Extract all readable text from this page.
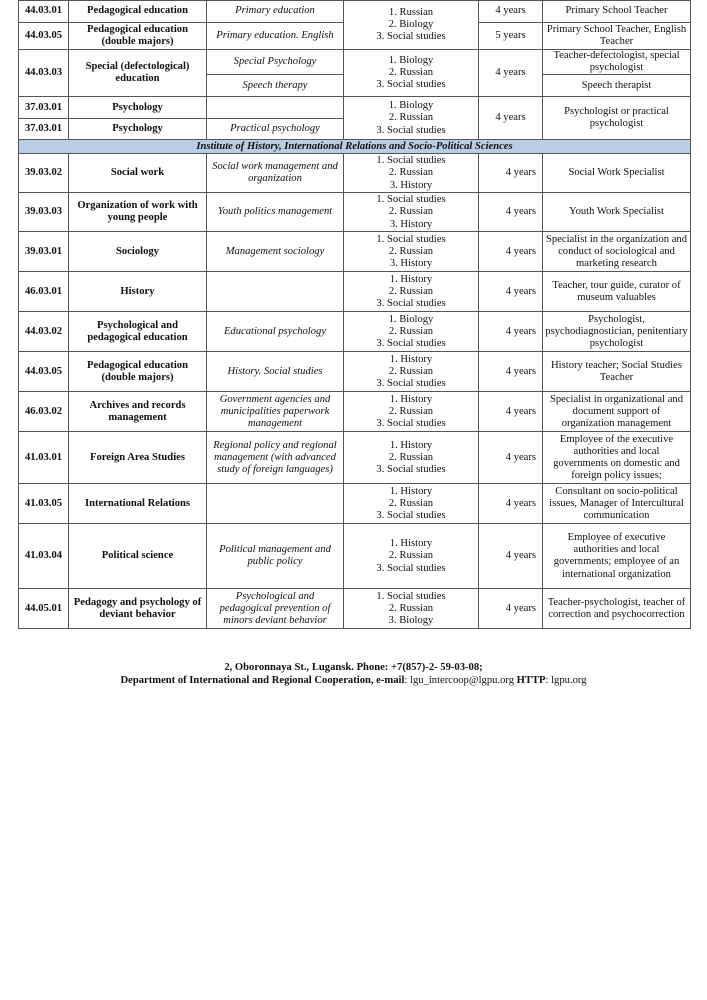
44.03.01	Pedagogical education	Primary education	1. Russian
2. Biology
3. Social studies	4 years	Primary School Teacher
44.03.05	Pedagogical education (double majors)	Primary education. English		5 years	Primary School Teacher, English Teacher
44.03.03	Special (defectological) education	Special Psychology	1. Biology
2. Russian
3. Social studies	4 years	Teacher-defectologist, special psychologist
		Speech therapy			Speech therapist
37.03.01	Psychology		1. Biology
2. Russian
3. Social studies	4 years	Psychologist or practical psychologist
37.03.01	Psychology	Practical psychology			
Institute of History, International Relations and Socio-Political Sciences					
39.03.02	Social work	Social work management and organization	1. Social studies
2. Russian
3. History	4 years	Social Work Specialist
39.03.03	Organization of work with young people	Youth politics management	1. Social studies
2. Russian
3. History	4 years	Youth Work Specialist
39.03.01	Sociology	Management sociology	1. Social studies
2. Russian
3. History	4 years	Specialist in the organization and conduct of sociological and marketing research
46.03.01	History		1. History
2. Russian
3. Social studies	4 years	Teacher, tour guide, curator of museum valuables
44.03.02	Psychological and pedagogical education	Educational psychology	1. Biology
2. Russian
3. Social studies	4 years	Psychologist, psychodiagnostician, penitentiary psychologist
44.03.05	Pedagogical education (double majors)	History. Social studies	1. History
2. Russian
3. Social studies	4 years	History teacher; Social Studies Teacher
46.03.02	Archives and records management	Government agencies and municipalities paperwork management	1. History
2. Russian
3. Social studies	4 years	Specialist in organizational and document support of organization management
41.03.01	Foreign Area Studies	Regional policy and regional management (with advanced study of foreign languages)	1. History
2. Russian
3. Social studies	4 years	Employee of the executive authorities and local governments on domestic and foreign policy issues;
41.03.05	International Relations		1. History
2. Russian
3. Social studies	4 years	Consultant on socio-political issues, Manager of Intercultural communication
41.03.04	Political science	Political management and public policy	1. History
2. Russian
3. Social studies	4 years	Employee of executive authorities and local governments; employee of an international organization
44.05.01	Pedagogy and psychology of deviant behavior	Psychological and pedagogical prevention of minors deviant behavior	1. Social studies
2. Russian
3. Biology	4 years	Teacher-psychologist, teacher of correction and psychocorrection
2, Oboronnaya St., Lugansk. Phone: +7(857)-2- 59-03-08;
Department of International and Regional Cooperation, e-mail: lgu_intercoop@lgpu.org HTTP: lgpu.org
